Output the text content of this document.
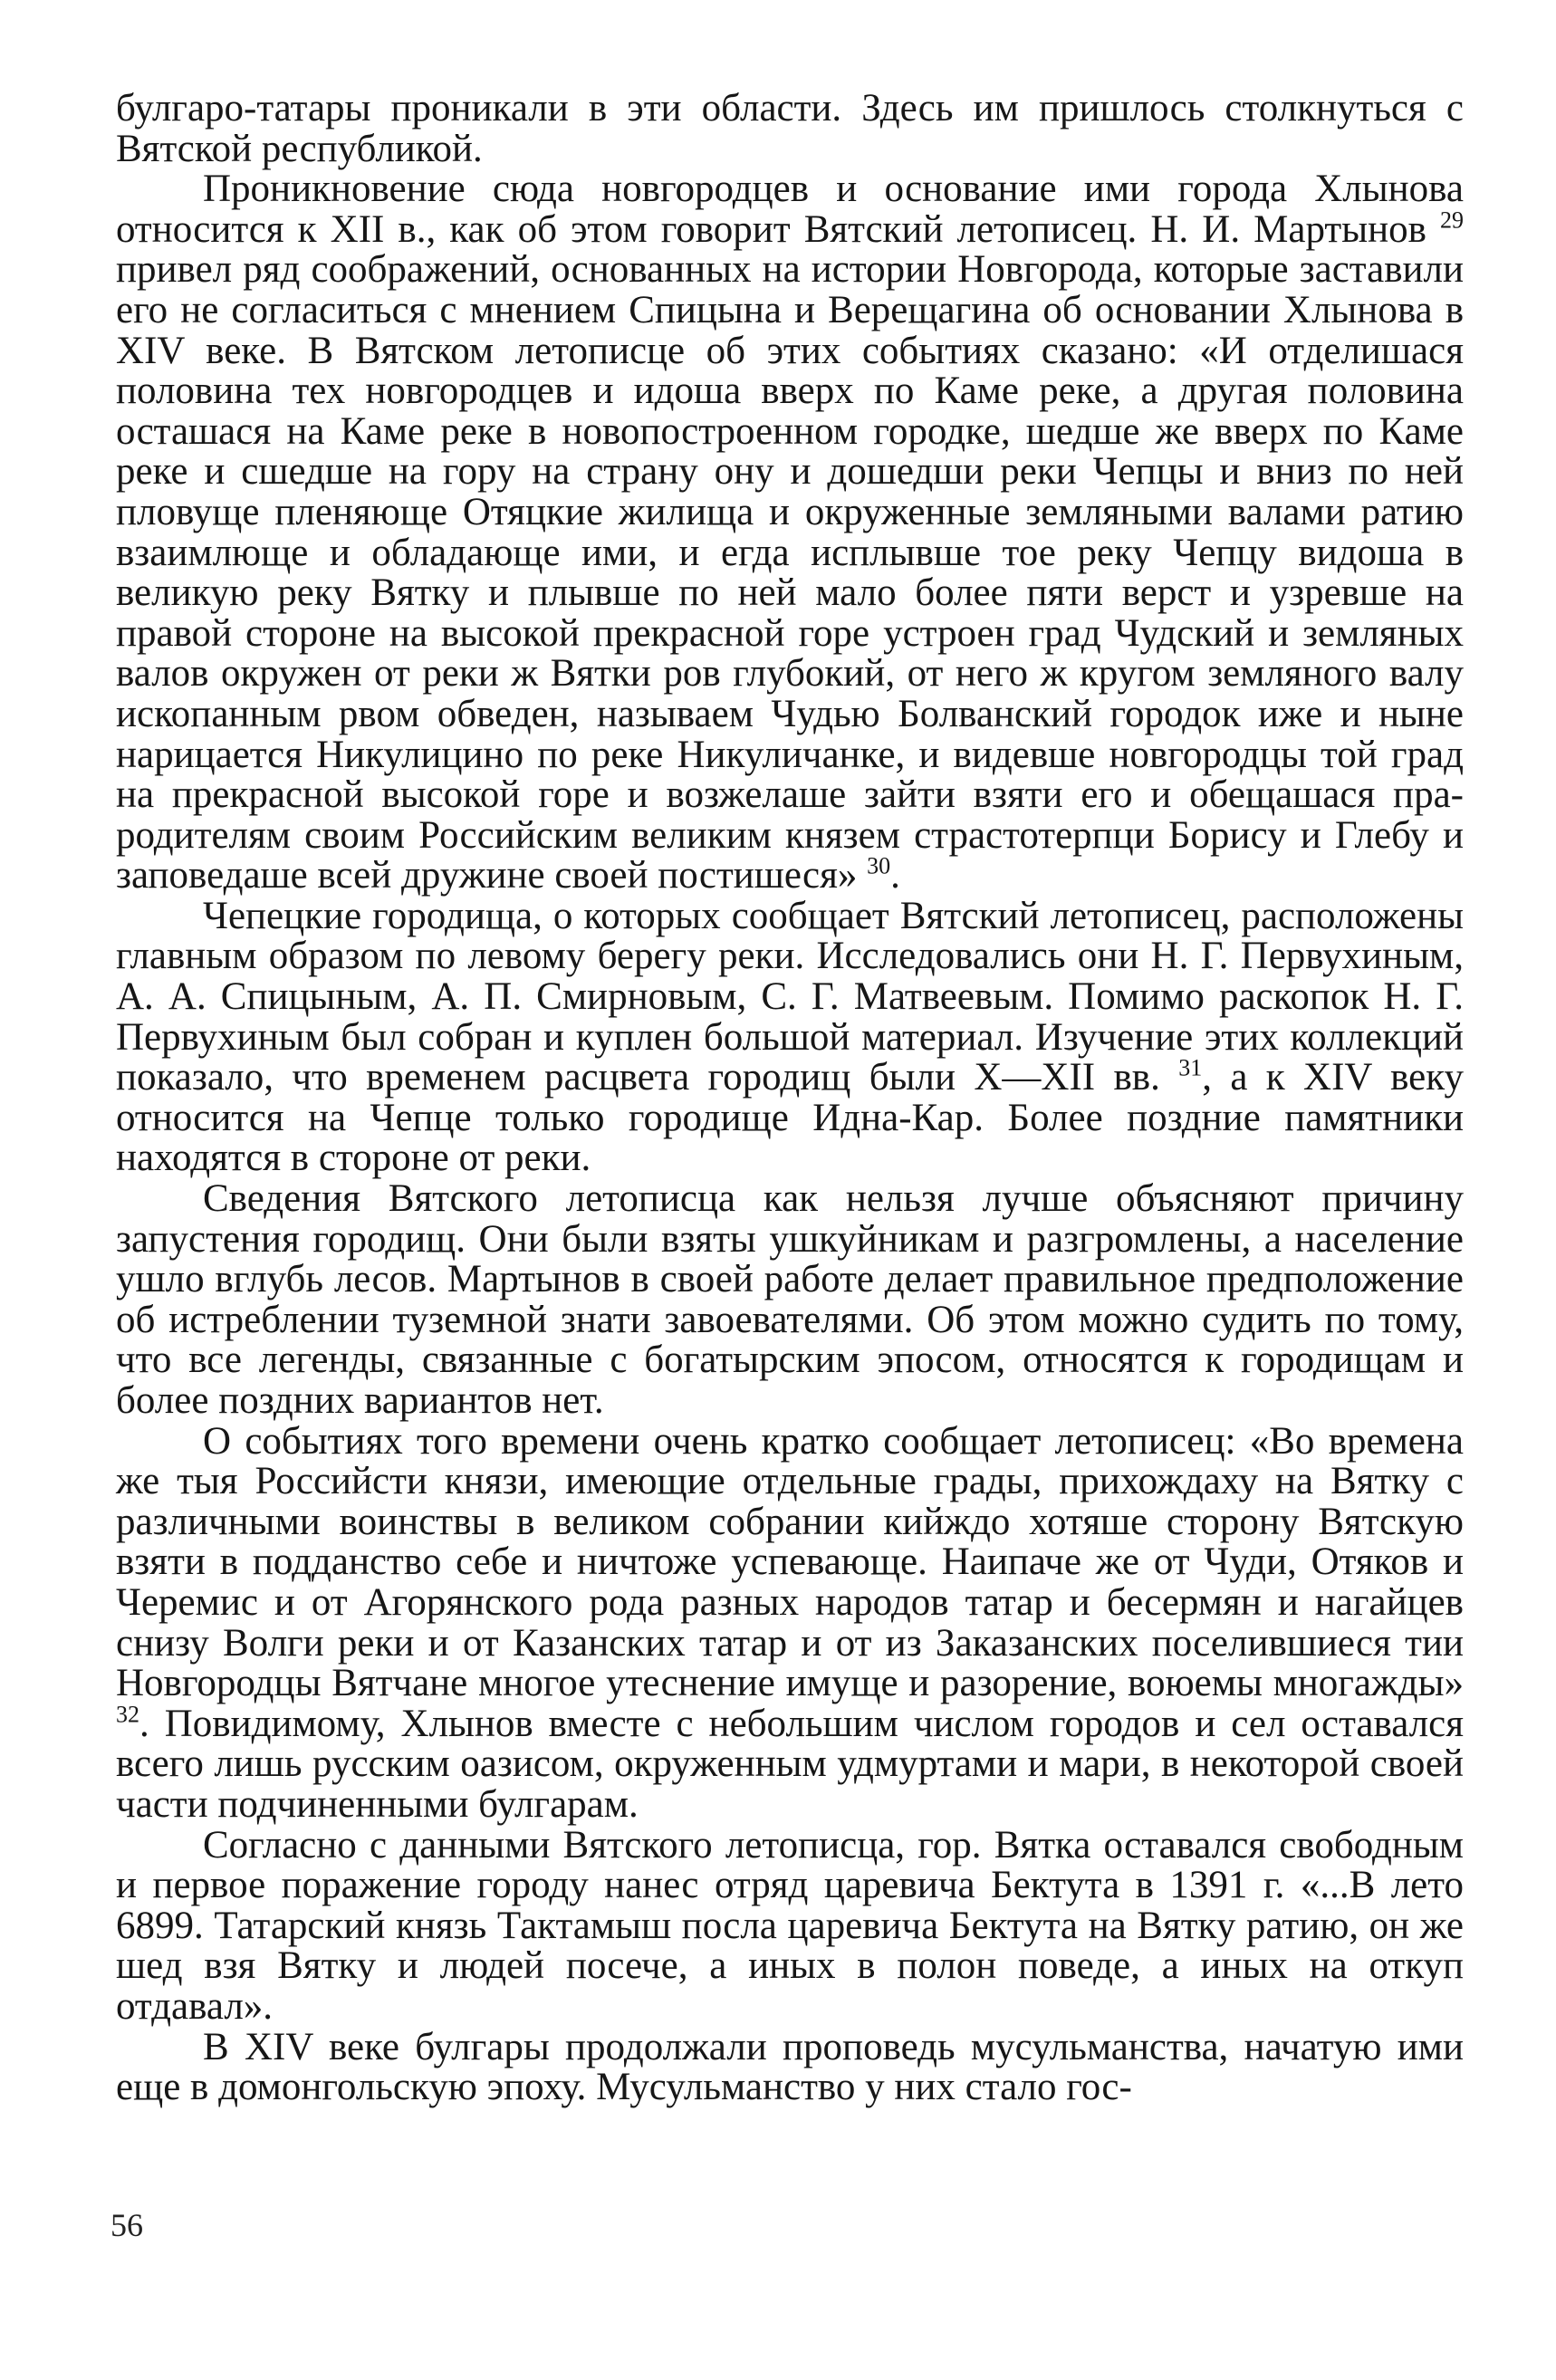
булгаро-татары проникали в эти области. Здесь им пришлось столкнуться с Вятской республикой.

Проникновение сюда новгородцев и основание ими города Хлынова относится к XII в., как об этом говорит Вятский летописец. Н. И. Мартынов $^{29}$ привел ряд соображений, основанных на истории Новгорода, которые заставили его не согласиться с мнением Спицына и Верещагина об основании Хлынова в XIV веке. В Вятском летописце об этих событиях сказано: «И отделишася половина тех новгородцев и идоша вверх по Каме реке, а другая половина осташася на Каме реке в новопостроенном городке, шедше же вверх по Каме реке и сшедше на гору на страну ону и дошедши реки Чепцы и вниз по ней пловуще пленяюще Отяцкие жилища и окруженные земляными валами ратию взаимлюще и обладающе ими, и егда исплывше тое реку Чепцу видоша в великую реку Вятку и плывше по ней мало более пяти верст и узревше на правой стороне на высокой прекрасной горе устроен град Чудский и земляных валов окружен от реки ж Вятки ров глубокий, от него ж кругом земляного валу ископанным рвом обведен, называем Чудью Болванский городок иже и ныне нарицается Никулицино по реке Никуличанке, и видевше новгородцы той град на прекрасной высокой горе и возжелаше зайти взяти его и обещашася прародителям своим Российским великим князем страстотерпци Борису и Глебу и заповедаше всей дружине своей постишеся» $^{30}$.

Чепецкие городища, о которых сообщает Вятский летописец, расположены главным образом по левому берегу реки. Исследовались они Н. Г. Первухиным, А. А. Спицыным, А. П. Смирновым, С. Г. Матвеевым. Помимо раскопок Н. Г. Первухиным был собран и куплен большой материал. Изучение этих коллекций показало, что временем расцвета городищ были X—XII вв. $^{31}$, а к XIV веку относится на Чепце только городище Идна-Кар. Более поздние памятники находятся в стороне от реки.

Сведения Вятского летописца как нельзя лучше объясняют причину запустения городищ. Они были взяты ушкуйникам и разгромлены, а население ушло вглубь лесов. Мартынов в своей работе делает правильное предположение об истреблении туземной знати завоевателями. Об этом можно судить по тому, что все легенды, связанные с богатырским эпосом, относятся к городищам и более поздних вариантов нет.

О событиях того времени очень кратко сообщает летописец: «Во времена же тыя Российсти князи, имеющие отдельные грады, прихождаху на Вятку с различными воинствы в великом собрании кийждо хотяше сторону Вятскую взяти в подданство себе и ничтоже успевающе. Наипаче же от Чуди, Отяков и Черемис и от Агорянского рода разных народов татар и бесермян и нагайцев снизу Волги реки и от Казанских татар и от из Заказанских поселившиеся тии Новгородцы Вятчане многое утеснение имуще и разорение, воюемы многажды» $^{32}$. Повидимому, Хлынов вместе с небольшим числом городов и сел оставался всего лишь русским оазисом, окруженным удмуртами и мари, в некоторой своей части подчиненными булгарам.

Согласно с данными Вятского летописца, гор. Вятка оставался свободным и первое поражение городу нанес отряд царевича Бектута в 1391 г. «...В лето 6899. Татарский князь Тактамыш посла царевича Бектута на Вятку ратию, он же шед взя Вятку и людей посече, а иных в полон поведе, а иных на откуп отдавал».

В XIV веке булгары продолжали проповедь мусульманства, начатую ими еще в домонгольскую эпоху. Мусульманство у них стало гос-

56
